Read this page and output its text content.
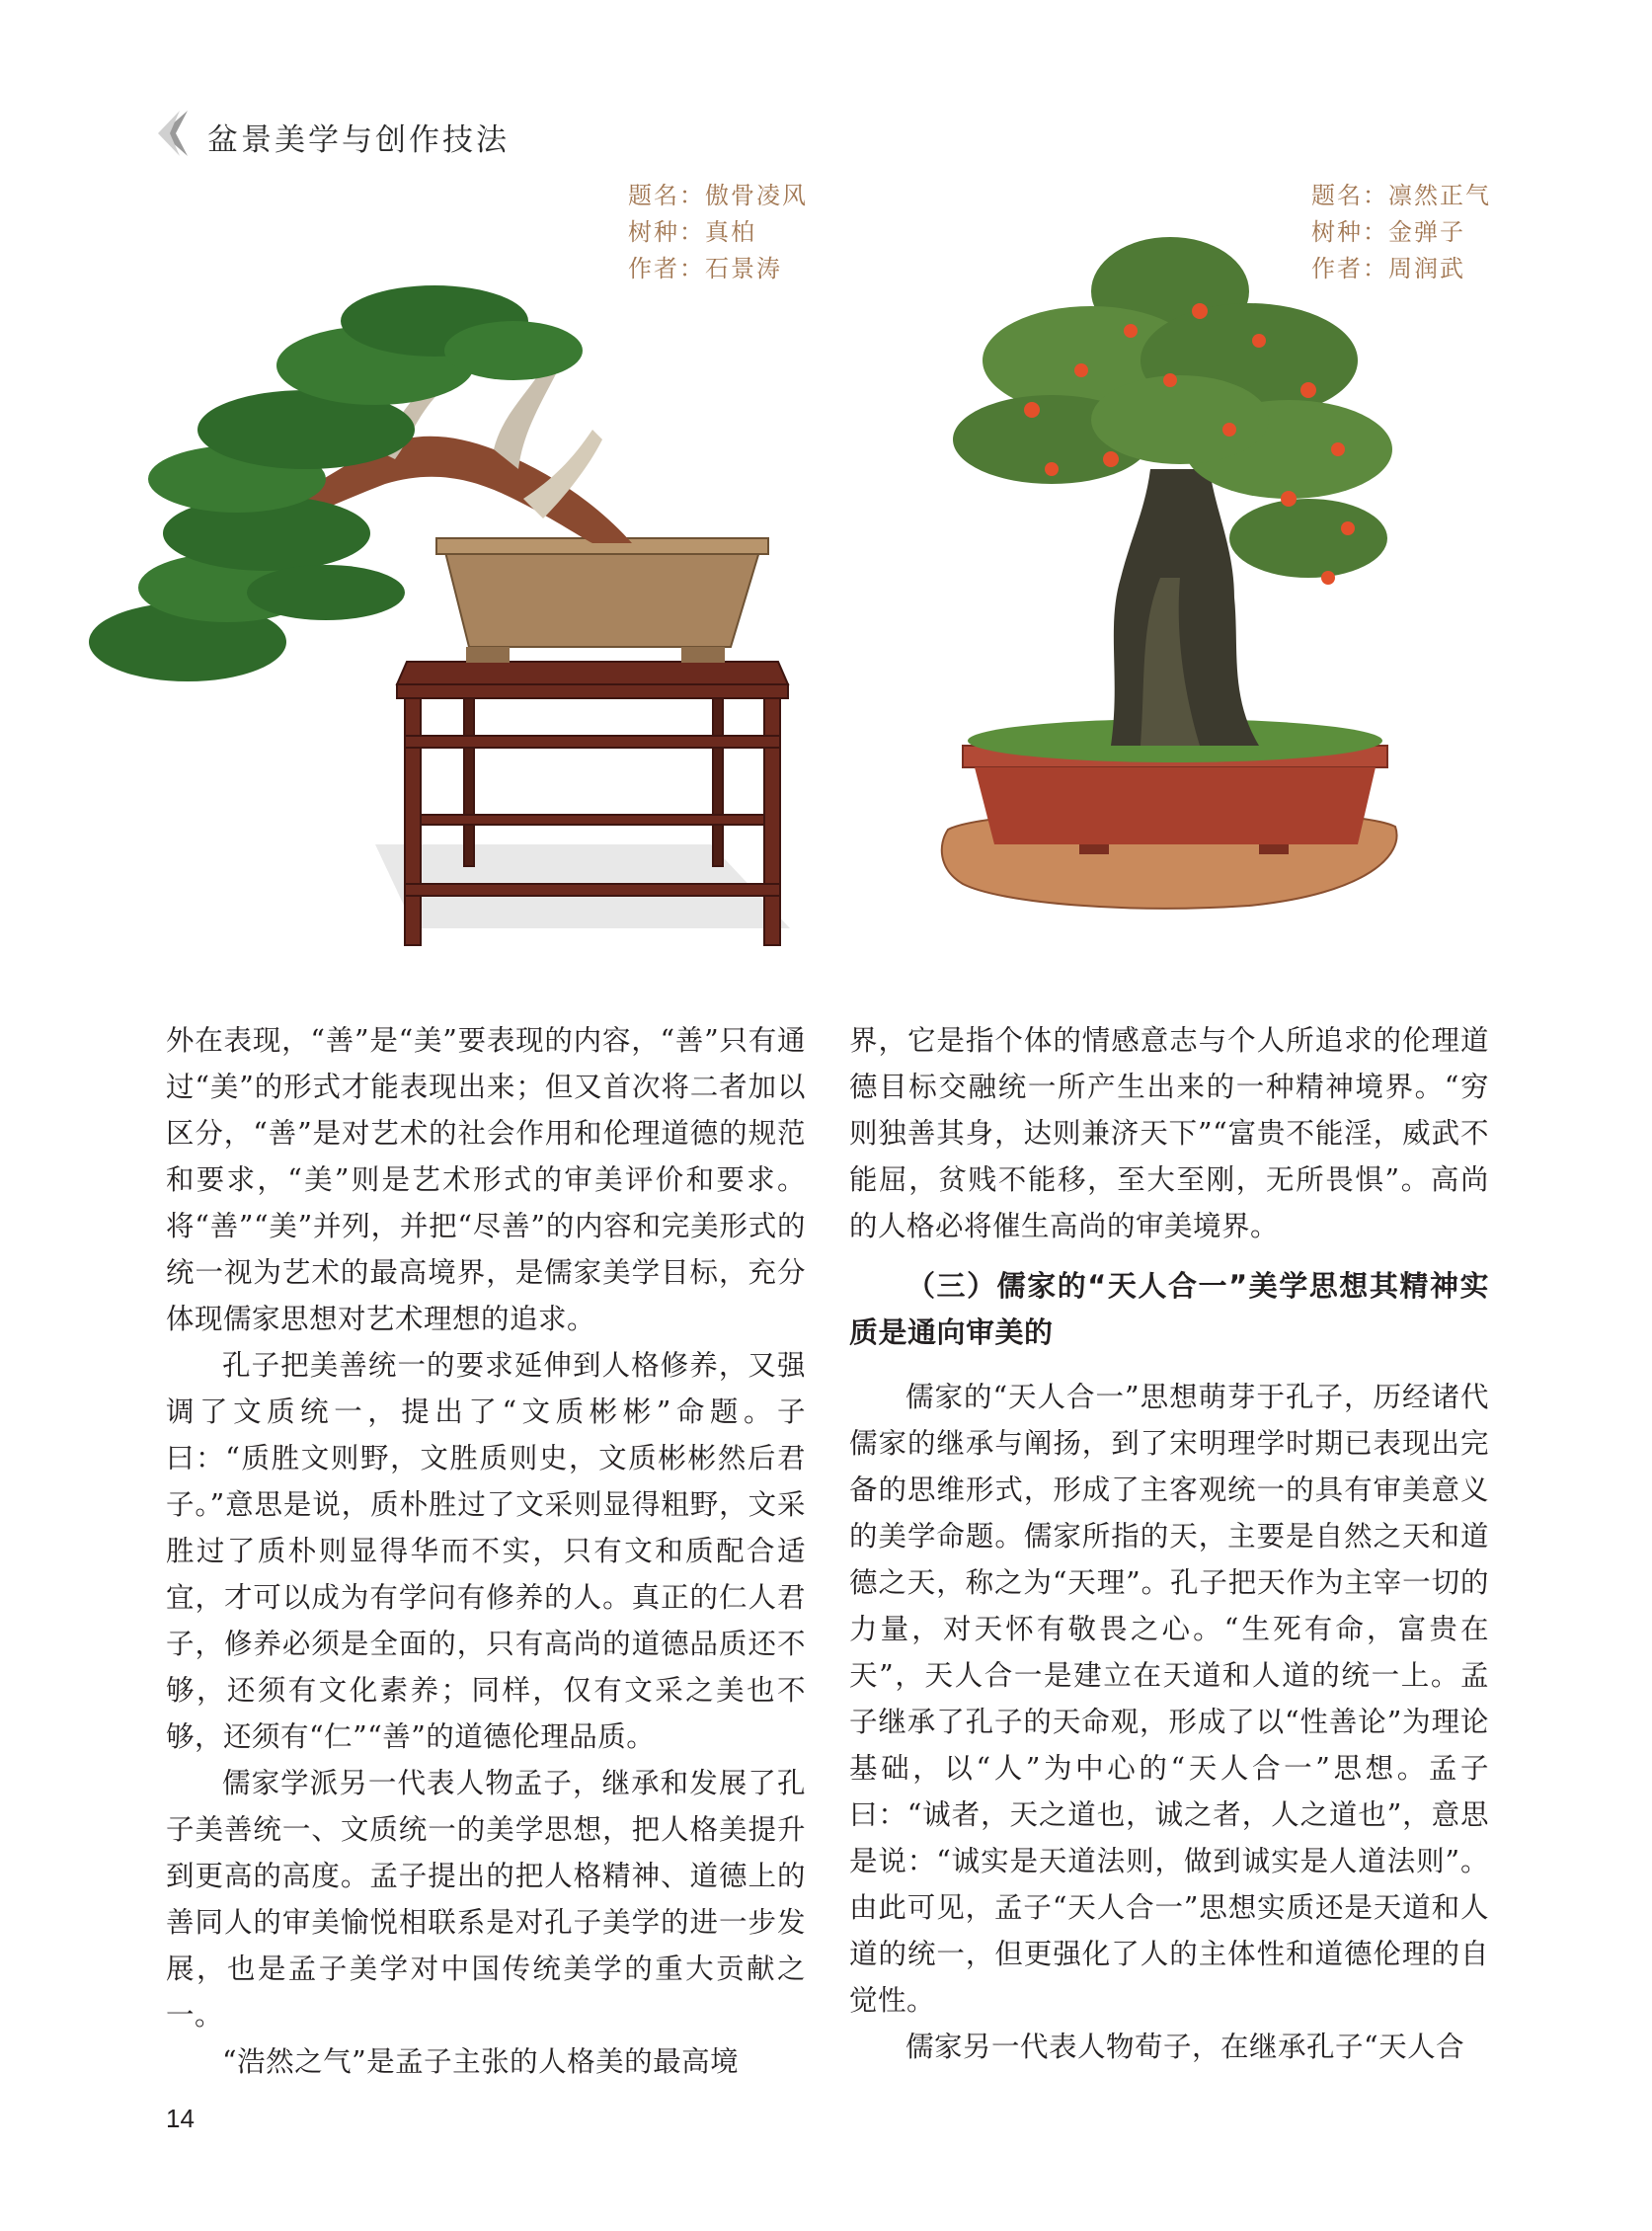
盆景美学与创作技法
题名：傲骨凌风
树种：真柏
作者：石景涛
题名：凛然正气
树种：金弹子
作者：周润武

外在表现，“善”是“美”要表现的内容，“善”只有通过“美”的形式才能表现出来；但又首次将二者加以区分，“善”是对艺术的社会作用和伦理道德的规范和要求，“美”则是艺术形式的审美评价和要求。将“善”“美”并列，并把“尽善”的内容和完美形式的统一视为艺术的最高境界，是儒家美学目标，充分体现儒家思想对艺术理想的追求。

孔子把美善统一的要求延伸到人格修养，又强调了文质统一，提出了“文质彬彬”命题。子曰：“质胜文则野，文胜质则史，文质彬彬然后君子。”意思是说，质朴胜过了文采则显得粗野，文采胜过了质朴则显得华而不实，只有文和质配合适宜，才可以成为有学问有修养的人。真正的仁人君子，修养必须是全面的，只有高尚的道德品质还不够，还须有文化素养；同样，仅有文采之美也不够，还须有“仁”“善”的道德伦理品质。

儒家学派另一代表人物孟子，继承和发展了孔子美善统一、文质统一的美学思想，把人格美提升到更高的高度。孟子提出的把人格精神、道德上的善同人的审美愉悦相联系是对孔子美学的进一步发展，也是孟子美学对中国传统美学的重大贡献之一。

“浩然之气”是孟子主张的人格美的最高境

界，它是指个体的情感意志与个人所追求的伦理道德目标交融统一所产生出来的一种精神境界。“穷则独善其身，达则兼济天下”“富贵不能淫，威武不能屈，贫贱不能移，至大至刚，无所畏惧”。高尚的人格必将催生高尚的审美境界。

（三）儒家的“天人合一”美学思想其精神实质是通向审美的

儒家的“天人合一”思想萌芽于孔子，历经诸代儒家的继承与阐扬，到了宋明理学时期已表现出完备的思维形式，形成了主客观统一的具有审美意义的美学命题。儒家所指的天，主要是自然之天和道德之天，称之为“天理”。孔子把天作为主宰一切的力量，对天怀有敬畏之心。“生死有命，富贵在天”，天人合一是建立在天道和人道的统一上。孟子继承了孔子的天命观，形成了以“性善论”为理论基础，以“人”为中心的“天人合一”思想。孟子曰：“诚者，天之道也，诚之者，人之道也”，意思是说：“诚实是天道法则，做到诚实是人道法则”。由此可见，孟子“天人合一”思想实质还是天道和人道的统一，但更强化了人的主体性和道德伦理的自觉性。

儒家另一代表人物荀子，在继承孔子“天人合

14
